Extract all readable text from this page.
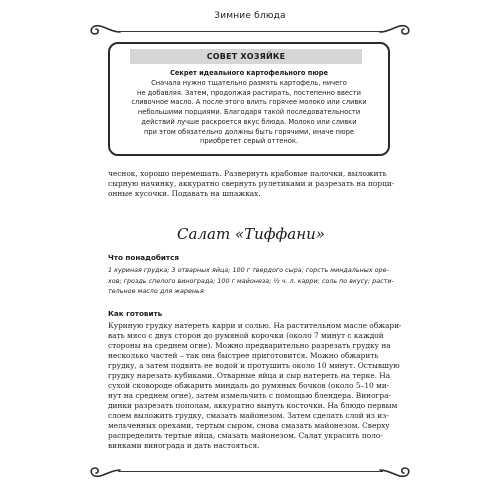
Зимние блюда
СОВЕТ ХОЗЯЙКЕ
Секрет идеального картофельного пюре
Сначала нужно тщательно размять картофель, ничего
не добавляя. Затем, продолжая растирать, постепенно ввести
сливочное масло. А после этого влить горячее молоко или сливки
небольшими порциями. Благодаря такой последовательности
действий лучше раскроется вкус блюда. Молоко или сливки
при этом обязательно должны быть горячими, иначе пюре
приобретет серый оттенок.
чеснок, хорошо перемешать. Развернуть крабовые палочки, выложить
сырную начинку, аккуратно свернуть рулетиками и разрезать на порци-
онные кусочки. Подавать на шпажках.
Салат «Тиффани»
Что понадобится
1 куриная грудка; 3 отварных яйца; 100 г твердого сыра; горсть миндальных оре-
хов; гроздь спелого винограда; 100 г майонеза; ½ ч. л. карри; соль по вкусу; расти-
тельное масло для жаренья
Как готовить
Куриную грудку натереть карри и солью. На растительном масле обжари-
вать мясо с двух сторон до румяной корочки (около 7 минут с каждой
стороны на среднем огне). Можно предварительно разрезать грудку на
несколько частей – так она быстрее приготовится. Можно обжарить
грудку, а затем подвять ее водой и протушить около 10 минут. Остывшую
грудку нарезать кубиками. Отварные яйца и сыр натереть на терке. На
сухой сковороде обжарить миндаль до румяных бочков (около 5–10 ми-
нут на среднем огне), затем измельчить с помощью блендера. Виногра-
динки разрезать пополам, аккуратно вынуть косточки. На блюдо первым
слоем выложить грудку, смазать майонезом. Затем сделать слой из из-
мельченных орехами, тертым сыром, снова смазать майонезом. Сверху
распределить тертые яйца, смазать майонезом. Салат украсить поло-
винками винограда и дать настояться.
